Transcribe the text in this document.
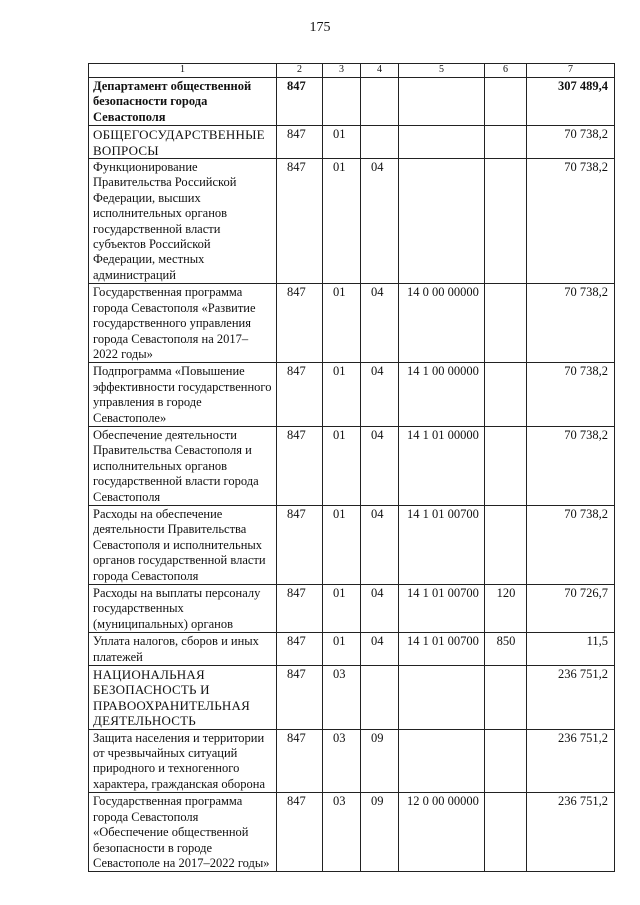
175
1	2	3	4	5	6	7
Департамент общественной безопасности города Севастополя	847					307 489,4
ОБЩЕГОСУДАРСТВЕННЫЕ ВОПРОСЫ	847	01				70 738,2
Функционирование Правительства Российской Федерации, высших исполнительных органов государственной власти субъектов Российской Федерации, местных администраций	847	01	04			70 738,2
Государственная программа города Севастополя «Развитие государственного управления города Севастополя на 2017–2022 годы»	847	01	04	14 0 00 00000		70 738,2
Подпрограмма «Повышение эффективности государственного управления в городе Севастополе»	847	01	04	14 1 00 00000		70 738,2
Обеспечение деятельности Правительства Севастополя и исполнительных органов государственной власти города Севастополя	847	01	04	14 1 01 00000		70 738,2
Расходы на обеспечение деятельности Правительства Севастополя и исполнительных органов государственной власти города Севастополя	847	01	04	14 1 01 00700		70 738,2
Расходы на выплаты персоналу государственных (муниципальных) органов	847	01	04	14 1 01 00700	120	70 726,7
Уплата налогов, сборов и иных платежей	847	01	04	14 1 01 00700	850	11,5
НАЦИОНАЛЬНАЯ БЕЗОПАСНОСТЬ И ПРАВООХРАНИТЕЛЬНАЯ ДЕЯТЕЛЬНОСТЬ	847	03				236 751,2
Защита населения и территории от чрезвычайных ситуаций природного и техногенного характера, гражданская оборона	847	03	09			236 751,2
Государственная программа города Севастополя «Обеспечение общественной безопасности в городе Севастополе на 2017–2022 годы»	847	03	09	12 0 00 00000		236 751,2
